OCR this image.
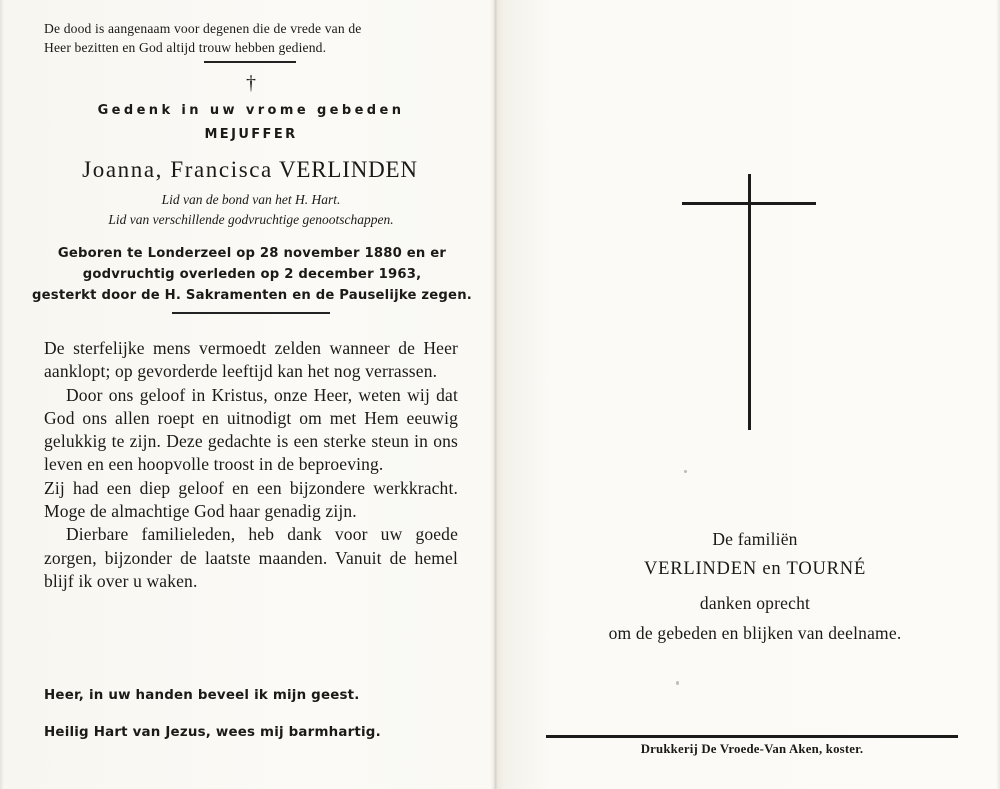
De dood is aangenaam voor degenen die de vrede van de
Heer bezitten en God altijd trouw hebben gediend.
†
Gedenk in uw vrome gebeden
MEJUFFER
Joanna, Francisca VERLINDEN
Lid van de bond van het H. Hart.
Lid van verschillende godvruchtige genootschappen.
Geboren te Londerzeel op 28 november 1880 en er
godvruchtig overleden op 2 december 1963,
gesterkt door de H. Sakramenten en de Pauselijke zegen.

De sterfelijke mens vermoedt zelden wanneer de Heer aanklopt; op gevorderde leeftijd kan het nog verrassen.

Door ons geloof in Kristus, onze Heer, weten wij dat God ons allen roept en uitnodigt om met Hem eeuwig gelukkig te zijn. Deze gedachte is een sterke steun in ons leven en een hoopvolle troost in de beproeving.

Zij had een diep geloof en een bijzondere werkkracht. Moge de almachtige God haar genadig zijn.

Dierbare familieleden, heb dank voor uw goede zorgen, bijzonder de laatste maanden. Vanuit de hemel blijf ik over u waken.

Heer, in uw handen beveel ik mijn geest.
Heilig Hart van Jezus, wees mij barmhartig.
De familiën
VERLINDEN en TOURNÉ
danken oprecht
om de gebeden en blijken van deelname.
Drukkerij De Vroede-Van Aken, koster.
